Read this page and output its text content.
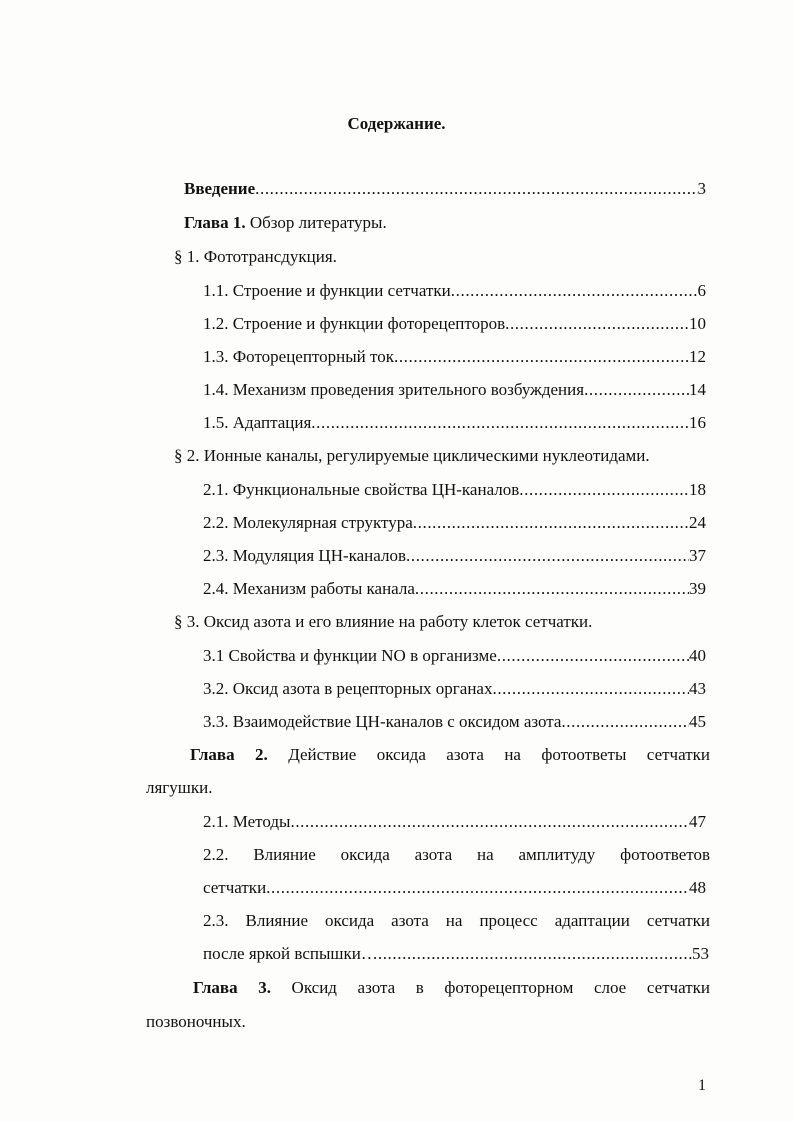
Содержание.
Введение .....	3
Глава 1. Обзор литературы.
§ 1. Фототрансдукция.
1.1. Строение и функции сетчатки .....	6
1.2. Строение и функции фоторецепторов .....	10
1.3. Фоторецепторный ток .....	12
1.4. Механизм проведения зрительного возбуждения .....	14
1.5. Адаптация .....	16
§ 2. Ионные каналы, регулируемые циклическими нуклеотидами.
2.1. Функциональные свойства ЦН-каналов .....	18
2.2. Молекулярная структура .....	24
2.3. Модуляция ЦН-каналов .....	37
2.4. Механизм работы канала .....	39
§ 3. Оксид азота и его влияние на работу клеток сетчатки.
3.1 Свойства и функции NO в организме .....	40
3.2. Оксид азота в рецепторных органах .....	43
3.3. Взаимодействие ЦН-каналов с оксидом азота .....	45
Глава 2. Действие оксида азота на фотоответы сетчатки
лягушки.
2.1. Методы .....	47
2.2. Влияние оксида азота на амплитуду фотоответов
сетчатки .....	48
2.3. Влияние оксида азота на процесс адаптации сетчатки
после яркой вспышки… .....	53
Глава 3. Оксид азота в фоторецепторном слое сетчатки
позвоночных.
1
